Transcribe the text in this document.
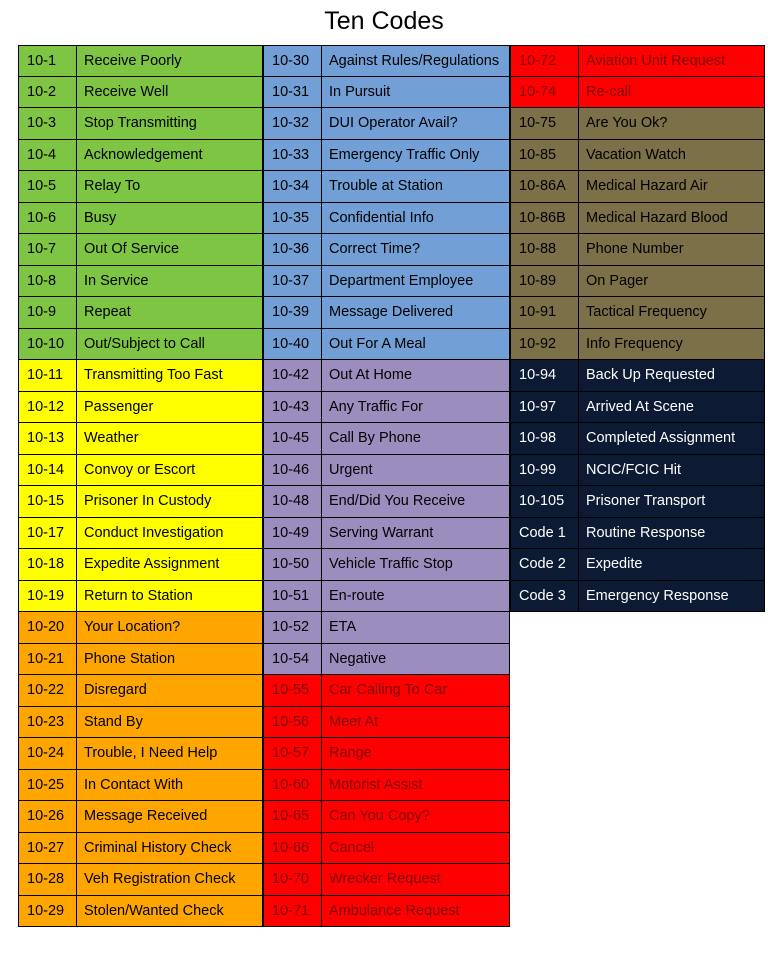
Ten Codes
10-1	Receive Poorly
10-2	Receive Well
10-3	Stop Transmitting
10-4	Acknowledgement
10-5	Relay To
10-6	Busy
10-7	Out Of Service
10-8	In Service
10-9	Repeat
10-10	Out/Subject to Call
10-11	Transmitting Too Fast
10-12	Passenger
10-13	Weather
10-14	Convoy or Escort
10-15	Prisoner In Custody
10-17	Conduct Investigation
10-18	Expedite Assignment
10-19	Return to Station
10-20	Your Location?
10-21	Phone Station
10-22	Disregard
10-23	Stand By
10-24	Trouble, I Need Help
10-25	In Contact With
10-26	Message Received
10-27	Criminal History Check
10-28	Veh Registration Check
10-29	Stolen/Wanted Check
10-30	Against Rules/Regulations
10-31	In Pursuit
10-32	DUI Operator Avail?
10-33	Emergency Traffic Only
10-34	Trouble at Station
10-35	Confidential Info
10-36	Correct Time?
10-37	Department Employee
10-39	Message Delivered
10-40	Out For A Meal
10-42	Out At Home
10-43	Any Traffic For
10-45	Call By Phone
10-46	Urgent
10-48	End/Did You Receive
10-49	Serving Warrant
10-50	Vehicle Traffic Stop
10-51	En-route
10-52	ETA
10-54	Negative
10-55	Car Calling To Car
10-56	Meet At
10-57	Range
10-60	Motorist Assist
10-65	Can You Copy?
10-66	Cancel
10-70	Wrecker Request
10-71	Ambulance Request
10-72	Aviation Unit Request
10-74	Re-call
10-75	Are You Ok?
10-85	Vacation Watch
10-86A	Medical Hazard Air
10-86B	Medical Hazard Blood
10-88	Phone Number
10-89	On Pager
10-91	Tactical Frequency
10-92	Info Frequency
10-94	Back Up Requested
10-97	Arrived At Scene
10-98	Completed Assignment
10-99	NCIC/FCIC Hit
10-105	Prisoner Transport
Code 1	Routine Response
Code 2	Expedite
Code 3	Emergency Response
